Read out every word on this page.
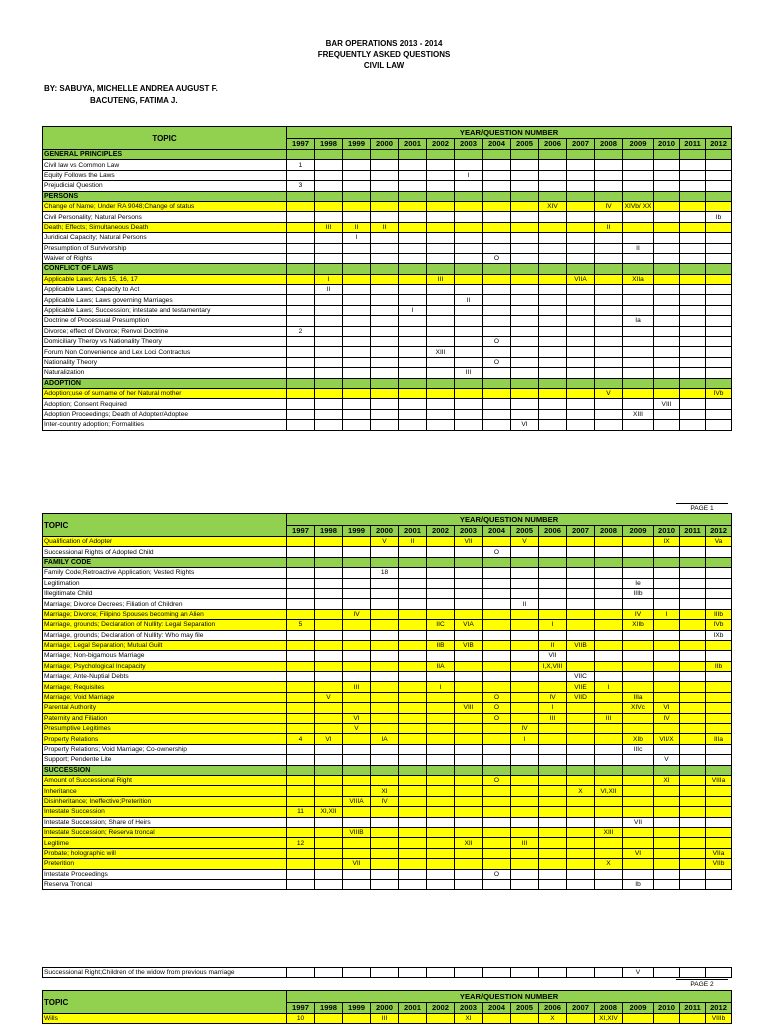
BAR OPERATIONS 2013 - 2014
FREQUENTLY ASKED QUESTIONS
CIVIL LAW
BY: SABUYA, MICHELLE ANDREA AUGUST F.
BACUTENG, FATIMA J.
TOPIC	YEAR/QUESTION NUMBER															
	1997	1998	1999	2000	2001	2002	2003	2004	2005	2006	2007	2008	2009	2010	2011	2012
GENERAL PRINCIPLES																
Civil law vs Common Law	1															
Equity Follows the Laws							I									
Prejudicial Question	3															
PERSONS																
Change of Name; Under RA 9048;Change of status										XIV		IV	XIVb/ XX			
Civil Personality; Natural Persons																Ib
Death; Effects; Simultaneous Death		III	II	II								II				
Juridical Capacity; Natural Persons			I													
Presumption of Survivorship													II			
Waiver of Rights								O								
CONFLICT OF LAWS																
Applicable Laws; Arts 15, 16, 17		I				III					VIIA		XIIa			
Applicable Laws; Capacity to Act		II														
Applicable Laws; Laws governing Marriages							II									
Applicable Laws; Succession; intestate and testamentary					I											
Doctrine of Processual Presumption													Ia			
Divorce; effect of Divorce; Renvoi Doctrine	2															
Domiciliary Theroy vs Nationality Theory								O								
Forum Non Convenience and Lex Loci Contractus						XIII										
Nationality Theory								O								
Naturalization							III									
ADOPTION																
Adoption;use of surname of her Natural mother												V				IVb
Adoption; Consent Required														VIII		
Adoption Proceedings; Death of Adopter/Adoptee													XIII			
Inter-country adoption; Formalities									VI							
PAGE 1
TOPIC	YEAR/QUESTION NUMBER															
	1997	1998	1999	2000	2001	2002	2003	2004	2005	2006	2007	2008	2009	2010	2011	2012
Qualification of Adopter				V	II		VII		V					IX		Va
Successional Rights of Adopted Child								O								
FAMILY CODE																
Family Code;Retroactive Application; Vested Rights				18												
Legitimation													Ie			
Illegitimate Child													IIIb			
Marriage; Divorce Decrees; Filiation of Children									II							
Marriage; Divorce; Filipino Spouses becoming an Alien			IV										IV	I		IIIb
Marriage, grounds; Declaration of Nullity: Legal Separation	5					IIC	VIA			I			XIIb			IVb
Marriage, grounds; Declaration of Nullity: Who may file																IXb
Marriage; Legal Separation; Mutual Guilt						IIB	VIB			II	VIIB					
Marriage; Non-bigamous Marriage										VII						
Marriage; Psychological Incapacity						IIA				I,X,VIII						IIb
Marriage; Ante-Nuptial Debts											VIIC					
Marriage; Requisites			III			I					VIIE	I				
Marriage; Void Marriage		V						O		IV	VIID		IIIa			
Parental Authority							VIII	O		I			XIVc	VI		
Paternity and Filiation			VI					O		III		III		IV		
Presumptive Legitimes			V						IV							
Property Relations	4	VI		IA					I				XIb	VII/X		IIIa
Property Relations; Void Marriage; Co-ownership													IIIc			
Support; Pendente Lite														V		
SUCCESSION																
Amount of Successional Right								O						XI		VIIIa
Inheritance				XI							X	VI,XII				
Disinheritance; Ineffective;Preterition			VIIIA	IV												
Intestate Succession	11	XI,XII														
Intestate Succession; Share of Heirs													VII			
Intestate Succession; Reserva troncal			VIIIB									XIII				
Legitime	12						XII		III							
Probate; holographic will													VI			VIIa
Preterition			VII									X				VIIb
Intestate Proceedings								O								
Reserva Troncal													Ib			
Successional Right;Children of the widow from previous marriage													V			
PAGE 2
TOPIC	YEAR/QUESTION NUMBER															
	1997	1998	1999	2000	2001	2002	2003	2004	2005	2006	2007	2008	2009	2010	2011	2012
Wills	10			III			XI			X		XI,XIV				VIIIb
